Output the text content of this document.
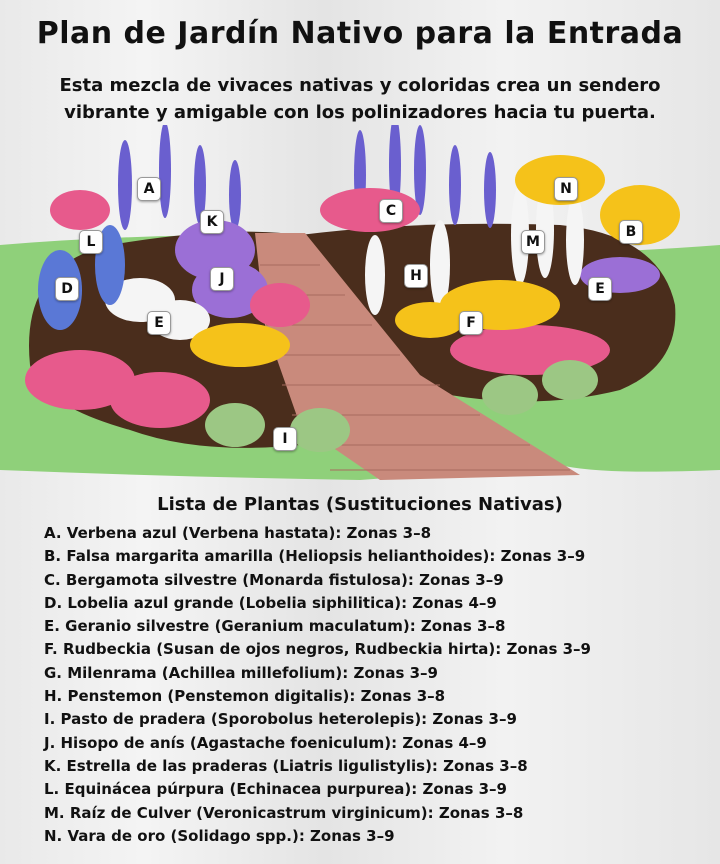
Plan de Jardín Nativo para la Entrada
Esta mezcla de vivaces nativas y coloridas crea un sendero vibrante y amigable con los polinizadores hacia tu puerta.
A
B
C
D
E
E
F
H
I
J
K
L	M
N
Lista de Plantas (Sustituciones Nativas)
A. Verbena azul (Verbena hastata): Zonas 3–8
B. Falsa margarita amarilla (Heliopsis helianthoides): Zonas 3–9
C. Bergamota silvestre (Monarda fistulosa): Zonas 3–9
D. Lobelia azul grande (Lobelia siphilitica): Zonas 4–9
E. Geranio silvestre (Geranium maculatum): Zonas 3–8
F. Rudbeckia (Susan de ojos negros, Rudbeckia hirta): Zonas 3–9
G. Milenrama (Achillea millefolium): Zonas 3–9
H. Penstemon (Penstemon digitalis): Zonas 3–8
I. Pasto de pradera (Sporobolus heterolepis): Zonas 3–9
J. Hisopo de anís (Agastache foeniculum): Zonas 4–9
K. Estrella de las praderas (Liatris ligulistylis): Zonas 3–8
L. Equinácea púrpura (Echinacea purpurea): Zonas 3–9
M. Raíz de Culver (Veronicastrum virginicum): Zonas 3–8
N. Vara de oro (Solidago spp.): Zonas 3–9
